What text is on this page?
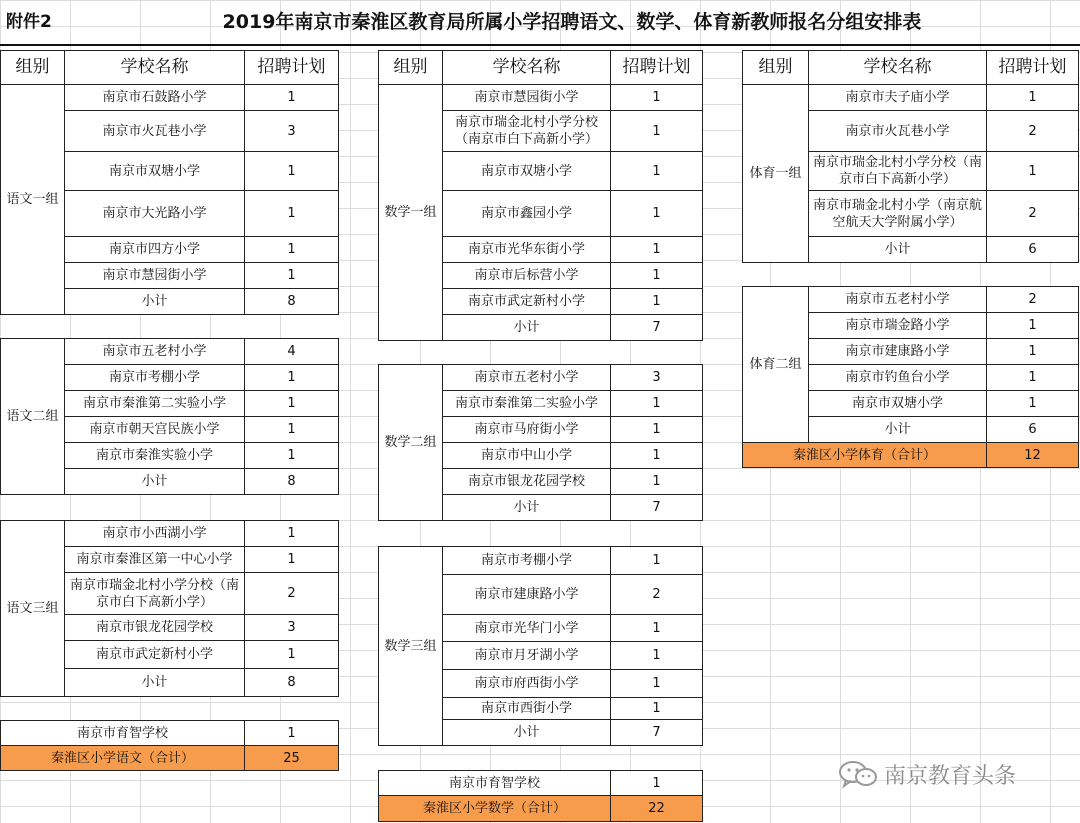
附件2	2019年南京市秦淮区教育局所属小学招聘语文、数学、体育新教师报名分组安排表
组别	学校名称	招聘计划
语文一组	南京市石鼓路小学	1
	南京市火瓦巷小学	3
	南京市双塘小学	1
	南京市大光路小学	1
	南京市四方小学	1
	南京市慧园街小学	1
	小计	8
语文二组	南京市五老村小学	4
	南京市考棚小学	1
	南京市秦淮第二实验小学	1
	南京市朝天宫民族小学	1
	南京市秦淮实验小学	1
	小计	8
语文三组	南京市小西湖小学	1
	南京市秦淮区第一中心小学	1
	南京市瑞金北村小学分校（南京市白下高新小学）	2
	南京市银龙花园学校	3
	南京市武定新村小学	1
	小计	8
南京市育智学校	1
秦淮区小学语文（合计）	25
组别	学校名称	招聘计划
数学一组	南京市慧园街小学	1
	南京市瑞金北村小学分校（南京市白下高新小学）	1
	南京市双塘小学	1
	南京市鑫园小学	1
	南京市光华东街小学	1
	南京市后标营小学	1
	南京市武定新村小学	1
	小计	7
数学二组	南京市五老村小学	3
	南京市秦淮第二实验小学	1
	南京市马府街小学	1
	南京市中山小学	1
	南京市银龙花园学校	1
	小计	7
数学三组	南京市考棚小学	1
	南京市建康路小学	2
	南京市光华门小学	1
	南京市月牙湖小学	1
	南京市府西街小学	1
	南京市西街小学	1
	小计	7
南京市育智学校	1
秦淮区小学数学（合计）	22
组别	学校名称	招聘计划
体育一组	南京市夫子庙小学	1
	南京市火瓦巷小学	2
	南京市瑞金北村小学分校（南京市白下高新小学）	1
	南京市瑞金北村小学（南京航空航天大学附属小学）	2
	小计	6
体育二组	南京市五老村小学	2
	南京市瑞金路小学	1
	南京市建康路小学	1
	南京市钓鱼台小学	1
	南京市双塘小学	1
	小计	6
秦淮区小学体育（合计）		12
南京教育头条
